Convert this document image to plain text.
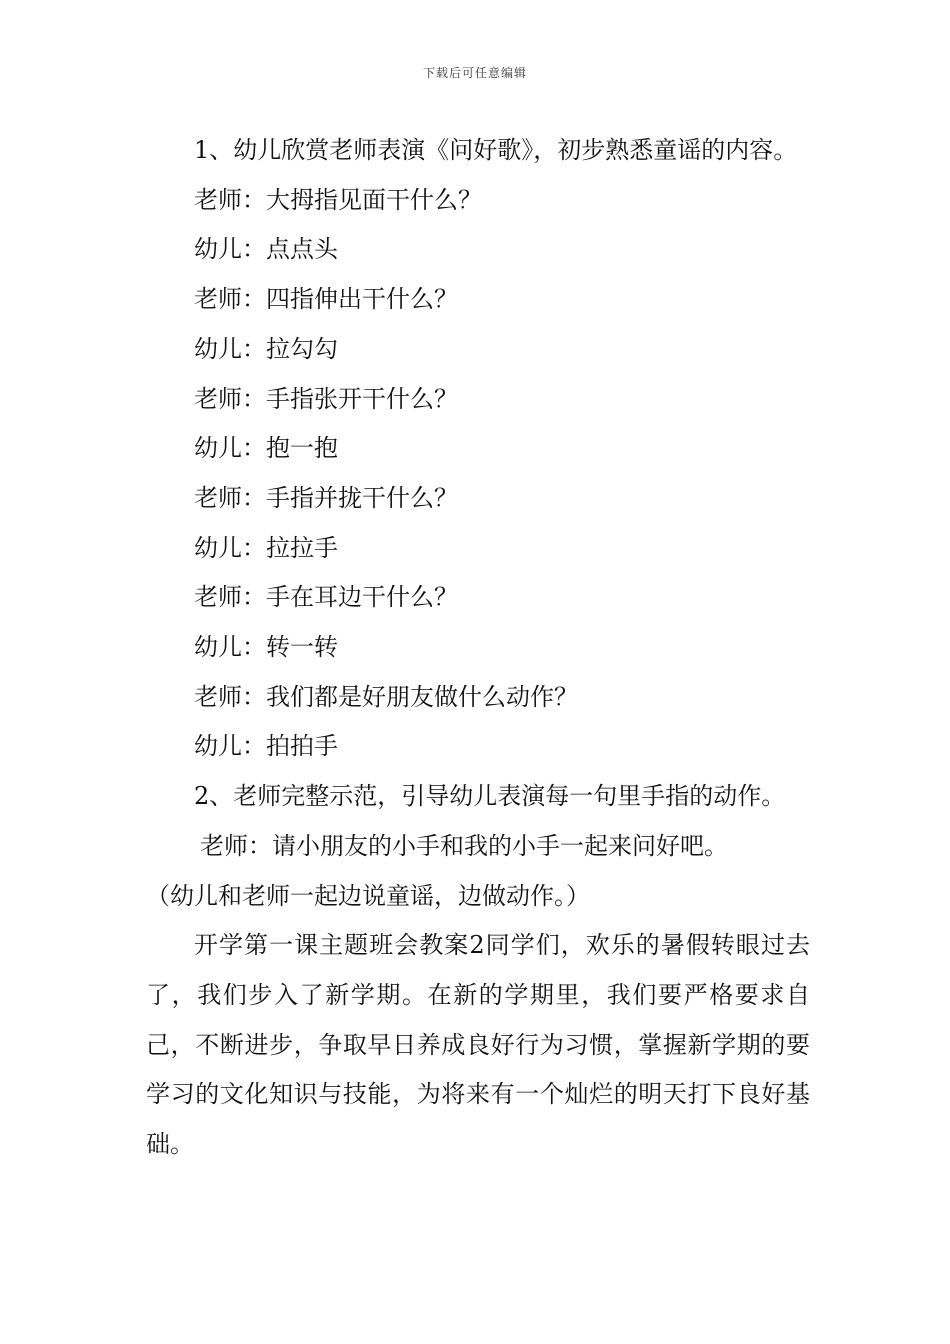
下载后可任意编辑

1、幼儿欣赏老师表演《问好歌》，初步熟悉童谣的内容。

老师：大拇指见面干什么？

幼儿：点点头

老师：四指伸出干什么？

幼儿：拉勾勾

老师：手指张开干什么？

幼儿：抱一抱

老师：手指并拢干什么？

幼儿：拉拉手

老师：手在耳边干什么？

幼儿：转一转

老师：我们都是好朋友做什么动作？

幼儿：拍拍手

2、老师完整示范，引导幼儿表演每一句里手指的动作。

老师：请小朋友的小手和我的小手一起来问好吧。

（幼儿和老师一起边说童谣，边做动作。）

开学第一课主题班会教案2同学们，欢乐的暑假转眼过去了，我们步入了新学期。在新的学期里，我们要严格要求自己，不断进步，争取早日养成良好行为习惯，掌握新学期的要学习的文化知识与技能，为将来有一个灿烂的明天打下良好基础。
